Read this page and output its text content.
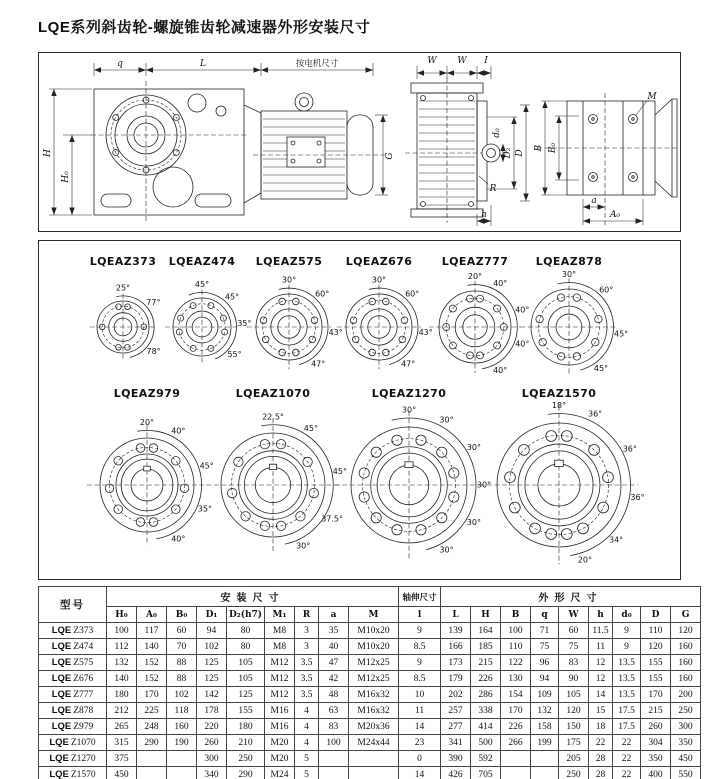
LQE系列斜齿轮-螺旋锥齿轮减速器外形安装尺寸
q	L	按电机尺寸
H
H₀
G
W W I
d₀
D₂ D
R
h
B B₀
M
a
A₀
LQEAZ373
25°
77°
78°
LQEAZ474
45°
45°
35°
55°
LQEAZ575
30°
60°
43°
47°
LQEAZ676
30°
60°
43°
47°
LQEAZ777
20°
40°
40°
40°
40°
LQEAZ878
30°
60°
45°
45°
LQEAZ979
20°
40°
45°
35°
40°
LQEAZ1070
22.5°
45°
45°
37.5°
30°
LQEAZ1270
30°
30°
30°
30°
30°
30°
LQEAZ1570
18°
36°
36°
36°
34°
20°
型号	安装尺寸									轴伸尺寸	外形尺寸								
	H₀	A₀	B₀	D₁	D₂(h7)	M₁	R	a	M	l	L	H	B	q	W	h	d₀	D	G
LQE Z373	100	117	60	94	80	M8	3	35	M10x20	9	139	164	100	71	60	11.5	9	110	120
LQE Z474	112	140	70	102	80	M8	3	40	M10x20	8.5	166	185	110	75	75	11	9	120	160
LQE Z575	132	152	88	125	105	M12	3.5	47	M12x25	9	173	215	122	96	83	12	13.5	155	160
LQE Z676	140	152	88	125	105	M12	3.5	42	M12x25	8.5	179	226	130	94	90	12	13.5	155	160
LQE Z777	180	170	102	142	125	M12	3.5	48	M16x32	10	202	286	154	109	105	14	13.5	170	200
LQE Z878	212	225	118	178	155	M16	4	63	M16x32	11	257	338	170	132	120	15	17.5	215	250
LQE Z979	265	248	160	220	180	M16	4	83	M20x36	14	277	414	226	158	150	18	17.5	260	300
LQE Z1070	315	290	190	260	210	M20	4	100	M24x44	23	341	500	266	199	175	22	22	304	350
LQE Z1270	375			300	250	M20	5			0	390	592			205	28	22	350	450
LQE Z1570	450			340	290	M24	5			14	426	705			250	28	22	400	550
